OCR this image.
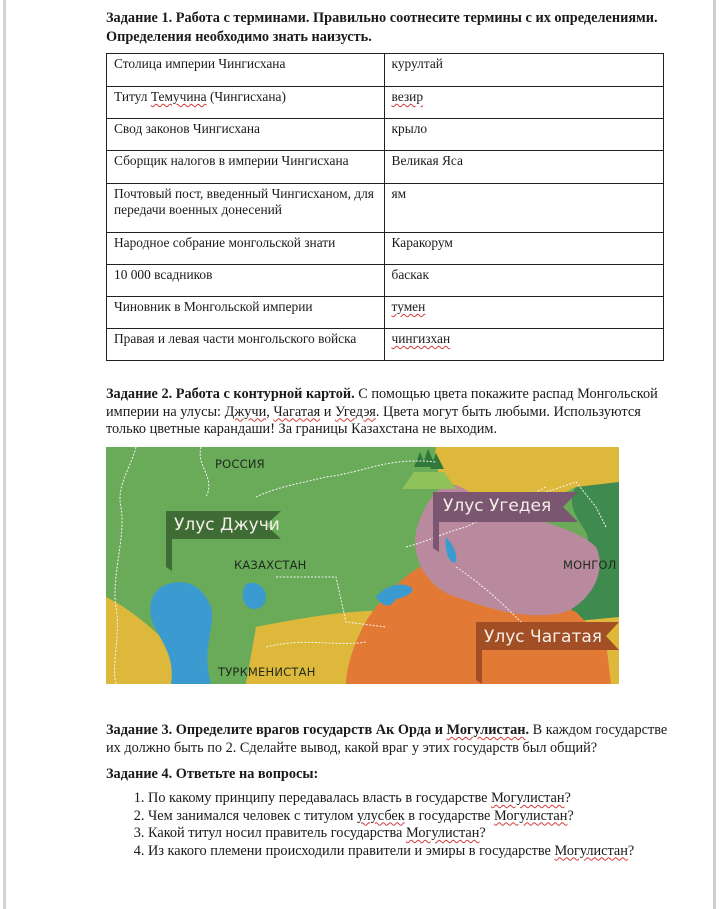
Задание 1. Работа с терминами. Правильно соотнесите термины с их определениями. Определения необходимо знать наизусть.
Столица империи Чингисхана	курултай
Титул Темучина (Чингисхана)	везир
Свод законов Чингисхана	крыло
Сборщик налогов в империи Чингисхана	Великая Яса
Почтовый пост, введенный Чингисханом, для передачи военных донесений	ям
Народное собрание монгольской знати	Каракорум
10 000 всадников	баскак
Чиновник в Монгольской империи	тумен
Правая и левая части монгольского войска	чингизхан
Задание 2. Работа с контурной картой. С помощью цвета покажите распад Монгольской империи на улусы: Джучи, Чагатая и Угедэя. Цвета могут быть любыми. Используются только цветные карандаши! За границы Казахстана не выходим.
Улус Джучи
Улус Угедея
Улус Чагатая
РОССИЯ
КАЗАХСТАН
ТУРКМЕНИСТАН
МОНГОЛ
Задание 3. Определите врагов государств Ак Орда и Могулистан. В каждом государстве их должно быть по 2. Сделайте вывод, какой враг у этих государств был общий?
Задание 4. Ответьте на вопросы:
1. По какому принципу передавалась власть в государстве Могулистан?
2. Чем занимался человек с титулом улусбек в государстве Могулистан?
3. Какой титул носил правитель государства Могулистан?
4. Из какого племени происходили правители и эмиры в государстве Могулистан?
